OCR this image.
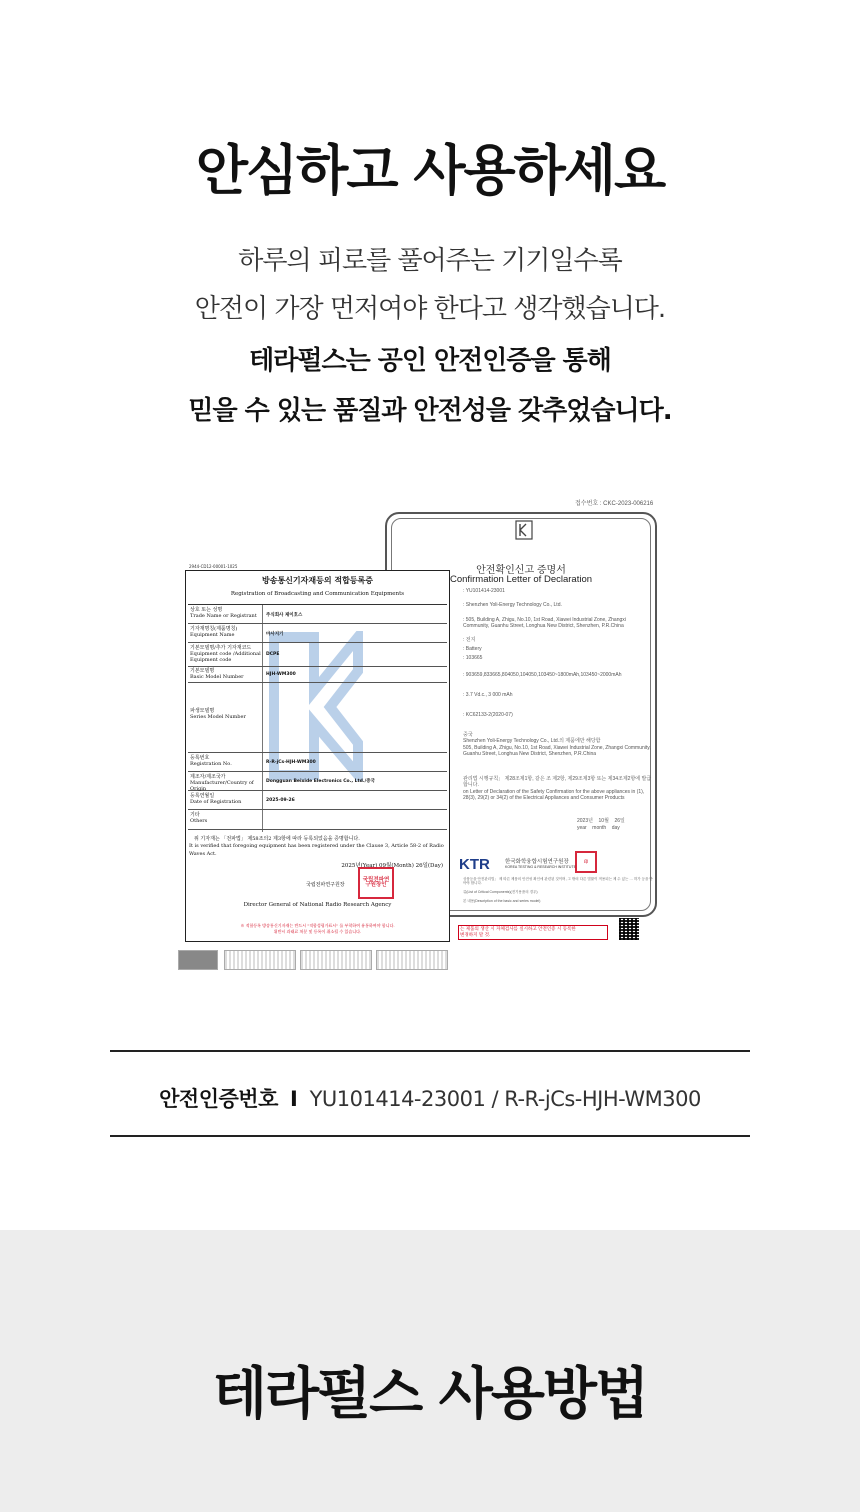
안심하고 사용하세요
하루의 피로를 풀어주는 기기일수록
안전이 가장 먼저여야 한다고 생각했습니다.
테라펄스는 공인 안전인증을 통해
믿을 수 있는 품질과 안전성을 갖추었습니다.
안전확인신고 증명서
Confirmation Letter of Declaration
: YU101414-23001
: Shenzhen Yoli-Energy Technology Co., Ltd.
: 505, Building A, Zhigu, No.10, 1st Road, Xiawei Industrial Zone, Zhangxi Community, Guanhu Street, Longhua New District, Shenzhen, P.R.China
: 전지
: Battery
: 103665
: 903659,833665,804050,104050,103450~1800mAh,103450~2000mAh
: 3.7 Vd.c., 3 000 mAh
: KC62133-2(2020-07)
중국
Shenzhen Yoli-Energy Technology Co., Ltd.의 제품에만 해당함
505, Building A, Zhigu, No.10, 1st Road, Xiawei Industrial Zone, Zhangxi Community, Guanhu Street, Longhua New District, Shenzhen, P.R.China
관리법 시행규칙」 제28조제1항, 같은 조 제2항, 제29조제3항 또는 제34조제2항에 발급합니다.
on Letter of Declaration of the Safety Confirmation for the above appliances in (1), 28(3), 29(2) or 34(2) of the Electrical Appliances and Consumer Products
2023년    10월    26일
year    month    day
KTR	한국화학융합시험연구원장
KOREA TESTING & RESEARCH INSTITUTE
印
상품등을 안전관리법」 제 따른 제품의 안전성 확인에 관련된 것이며, 그 밖의 다른 법률이 적용되는 제 수 있는 … 허가 등을 받아야 합니다.
류(List of Critical Components)(전기용품의 경우)
본 내용(Description of the basic and series model)
접수번호 : CKC-2023-006216
는 제품의 생산 시 자체검사를 실시하고 안전인증 시 등록한
변경하지 말 것.
2944-CD12-00001-1025
방송통신기자재등의 적합등록증
Registration of Broadcasting and Communication Equipments
상호 또는 성명
Trade Name or Registrant	주식회사 제이호스
기자재명칭(제품명칭)
Equipment Name	마사지기
기본모델명/추가 기자재코드
Equipment code /Additional Equipment code
DCPE
기본모델명
Basic Model Number	HJH-WM300
파생모델명
Series Model Number
등록번호
Registration No.	R-R-jCs-HJH-WM300
제조자/제조국가
Manufacturer/Country of Origin
Dongguan Beixide Electronics Co., Ltd./중국
등록연월일
Date of Registration	2025-09-26
기타
Others
위 기자재는 「전파법」 제58조의2 제3항에 따라 등록되었음을 증명합니다.
It is verified that foregoing equipment has been registered under the Clause 3, Article 58-2 of Radio Waves Act.
2025년(Year) 09월(Month) 26일(Day)
국립전파연구원장
국립전파연구원장인
Director General of National Radio Research Agency
※ 적합등록 방송통신기자재는 반드시 "적합성평가표시" 를 부착하여 유통하여야 합니다.
위반시 과태료 처분 및 등록이 취소될 수 있습니다.
안전인증번호 I YU101414-23001 / R-R-jCs-HJH-WM300
테라펄스 사용방법
